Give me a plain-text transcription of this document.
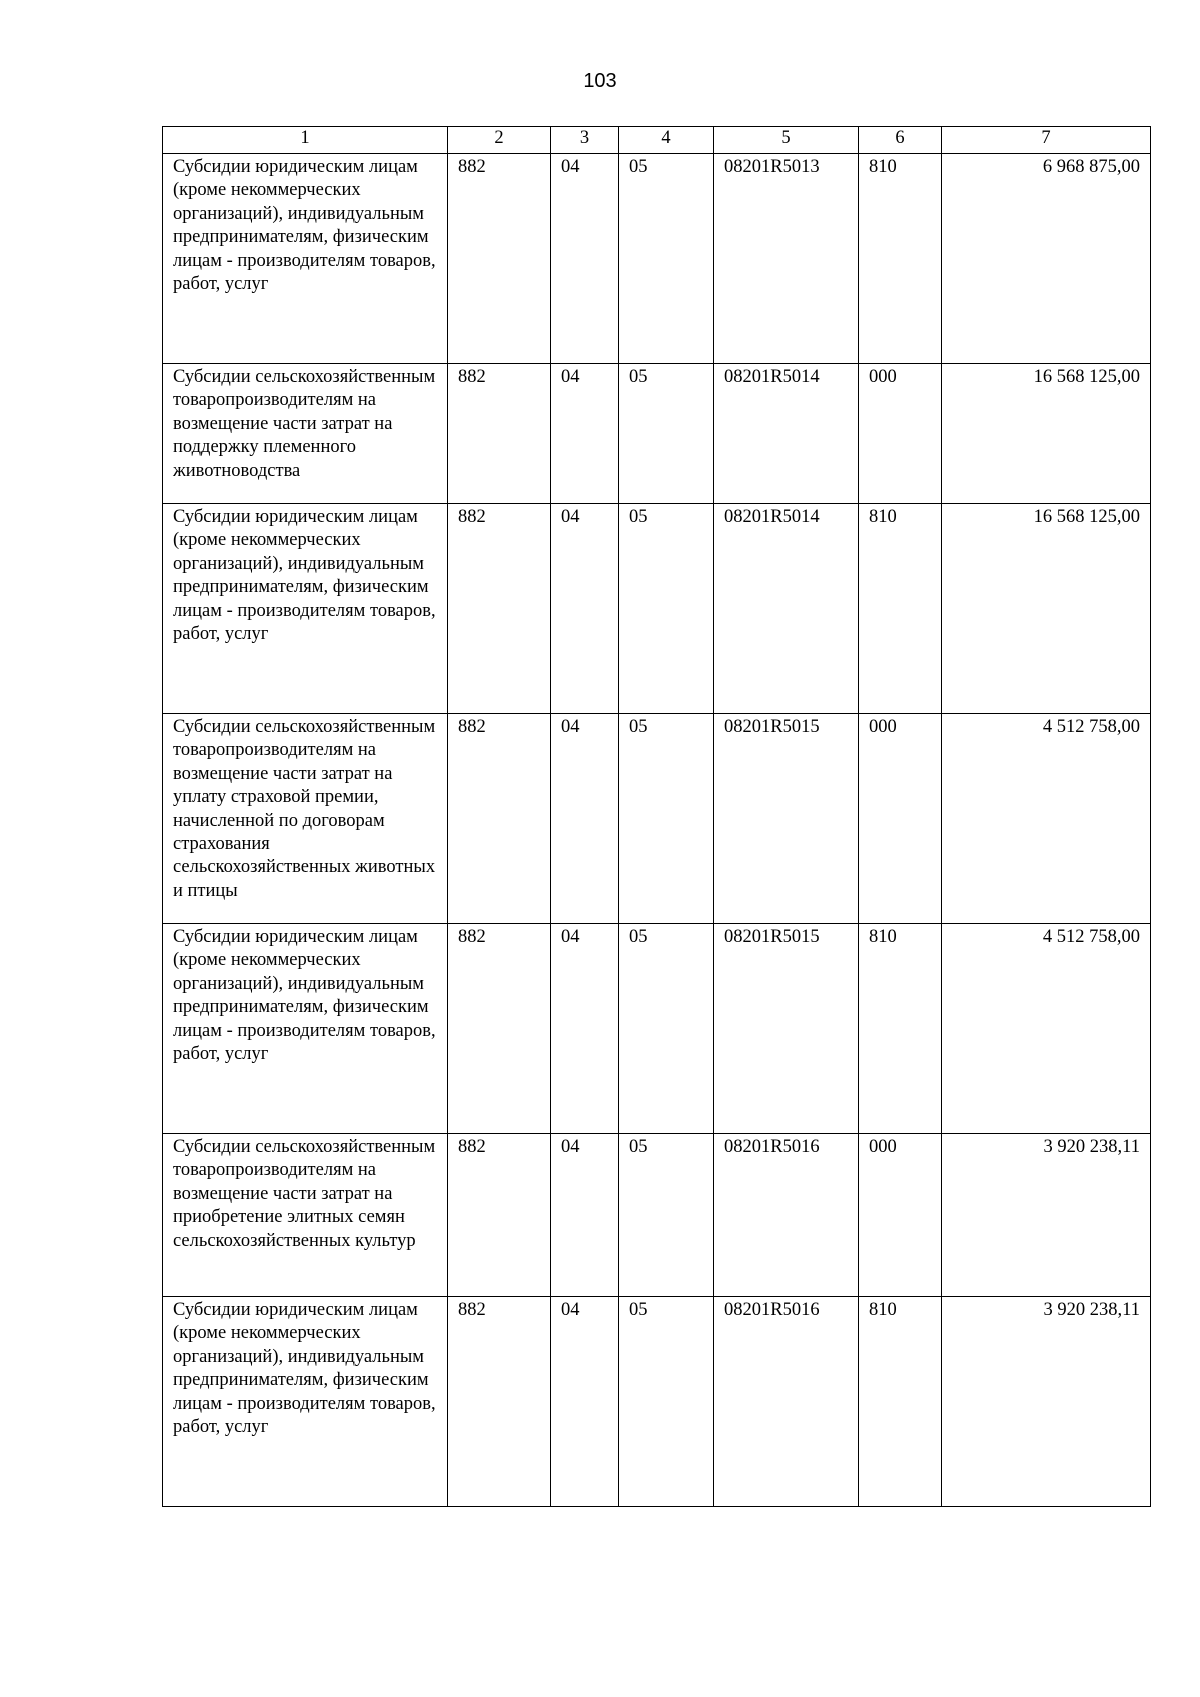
103
1	2	3	4	5	6	7
Субсидии юридическим лицам (кроме некоммерческих организаций), индивидуальным предпринимателям, физическим лицам - производителям товаров, работ, услуг	882	04	05	08201R5013	810	6 968 875,00
Субсидии сельскохозяйственным товаропроизводителям на возмещение части затрат на поддержку племенного животноводства	882	04	05	08201R5014	000	16 568 125,00
Субсидии юридическим лицам (кроме некоммерческих организаций), индивидуальным предпринимателям, физическим лицам - производителям товаров, работ, услуг	882	04	05	08201R5014	810	16 568 125,00
Субсидии сельскохозяйственным товаропроизводителям на возмещение части затрат на уплату страховой премии, начисленной по договорам страхования сельскохозяйственных животных и птицы	882	04	05	08201R5015	000	4 512 758,00
Субсидии юридическим лицам (кроме некоммерческих организаций), индивидуальным предпринимателям, физическим лицам - производителям товаров, работ, услуг	882	04	05	08201R5015	810	4 512 758,00
Субсидии сельскохозяйственным товаропроизводителям на возмещение части затрат на приобретение элитных семян сельскохозяйственных культур	882	04	05	08201R5016	000	3 920 238,11
Субсидии юридическим лицам (кроме некоммерческих организаций), индивидуальным предпринимателям, физическим лицам - производителям товаров, работ, услуг	882	04	05	08201R5016	810	3 920 238,11
